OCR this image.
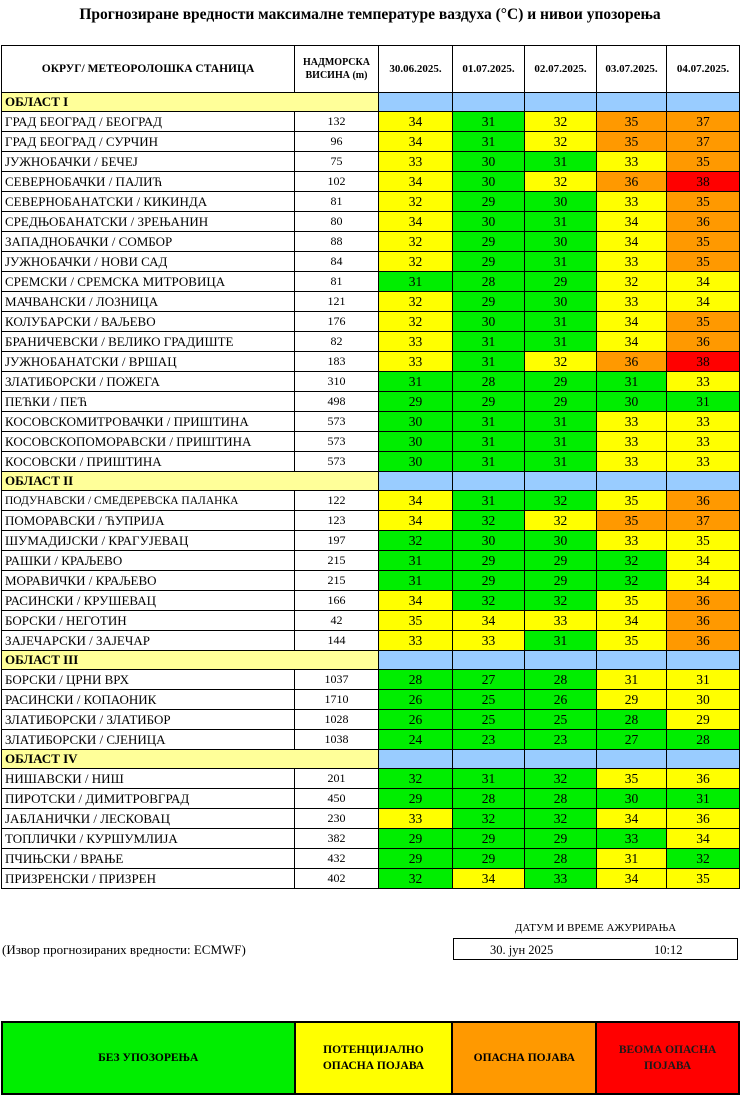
Прогнозиране вредности максималне температуре ваздуха (°C) и нивои упозорења
ОКРУГ/ МЕТЕОРОЛОШКА СТАНИЦА	НАДМОРСКА
ВИСИНА (m)	30.06.2025.	01.07.2025.	02.07.2025.	03.07.2025.	04.07.2025.
ОБЛАСТ I						
ГРАД БЕОГРАД / БЕОГРАД	132	34	31	32	35	37
ГРАД БЕОГРАД / СУРЧИН	96	34	31	32	35	37
ЈУЖНОБАЧКИ / БЕЧЕЈ	75	33	30	31	33	35
СЕВЕРНОБАЧКИ / ПАЛИЋ	102	34	30	32	36	38
СЕВЕРНОБАНАТСКИ / КИКИНДА	81	32	29	30	33	35
СРЕДЊОБАНАТСКИ / ЗРЕЊАНИН	80	34	30	31	34	36
ЗАПАДНОБАЧКИ / СОМБОР	88	32	29	30	34	35
ЈУЖНОБАЧКИ / НОВИ САД	84	32	29	31	33	35
СРЕМСКИ / СРЕМСКА МИТРОВИЦА	81	31	28	29	32	34
МАЧВАНСКИ / ЛОЗНИЦА	121	32	29	30	33	34
КОЛУБАРСКИ / ВАЉЕВО	176	32	30	31	34	35
БРАНИЧЕВСКИ / ВЕЛИКО ГРАДИШТЕ	82	33	31	31	34	36
ЈУЖНОБАНАТСКИ / ВРШАЦ	183	33	31	32	36	38
ЗЛАТИБОРСКИ / ПОЖЕГА	310	31	28	29	31	33
ПЕЋКИ / ПЕЋ	498	29	29	29	30	31
КОСОВСКОМИТРОВАЧКИ / ПРИШТИНА	573	30	31	31	33	33
КОСОВСКОПОМОРАВСКИ / ПРИШТИНА	573	30	31	31	33	33
КОСОВСКИ / ПРИШТИНА	573	30	31	31	33	33
ОБЛАСТ II						
ПОДУНАВСКИ / СМЕДЕРЕВСКА ПАЛАНКА	122	34	31	32	35	36
ПОМОРАВСКИ / ЋУПРИЈА	123	34	32	32	35	37
ШУМАДИЈСКИ / КРАГУЈЕВАЦ	197	32	30	30	33	35
РАШКИ / КРАЉЕВО	215	31	29	29	32	34
МОРАВИЧКИ / КРАЉЕВО	215	31	29	29	32	34
РАСИНСКИ / КРУШЕВАЦ	166	34	32	32	35	36
БОРСКИ / НЕГОТИН	42	35	34	33	34	36
ЗАЈЕЧАРСКИ / ЗАЈЕЧАР	144	33	33	31	35	36
ОБЛАСТ III						
БОРСКИ / ЦРНИ ВРХ	1037	28	27	28	31	31
РАСИНСКИ / КОПАОНИК	1710	26	25	26	29	30
ЗЛАТИБОРСКИ / ЗЛАТИБОР	1028	26	25	25	28	29
ЗЛАТИБОРСКИ / СЈЕНИЦА	1038	24	23	23	27	28
ОБЛАСТ IV						
НИШАВСКИ / НИШ	201	32	31	32	35	36
ПИРОТСКИ / ДИМИТРОВГРАД	450	29	28	28	30	31
ЈАБЛАНИЧКИ / ЛЕСКОВАЦ	230	33	32	32	34	36
ТОПЛИЧКИ / КУРШУМЛИЈА	382	29	29	29	33	34
ПЧИЊСКИ / ВРАЊЕ	432	29	29	28	31	32
ПРИЗРЕНСКИ / ПРИЗРЕН	402	32	34	33	34	35
(Извор прогнозираних вредности: ECMWF)
ДАТУМ И ВРЕМЕ АЖУРИРАЊА
30. јун 2025	10:12
БЕЗ УПОЗОРЕЊА

ПОТЕНЦИЈАЛНО
ОПАСНА ПОЈАВА

ОПАСНА ПОЈАВА

ВЕОМА ОПАСНА
ПОЈАВА
